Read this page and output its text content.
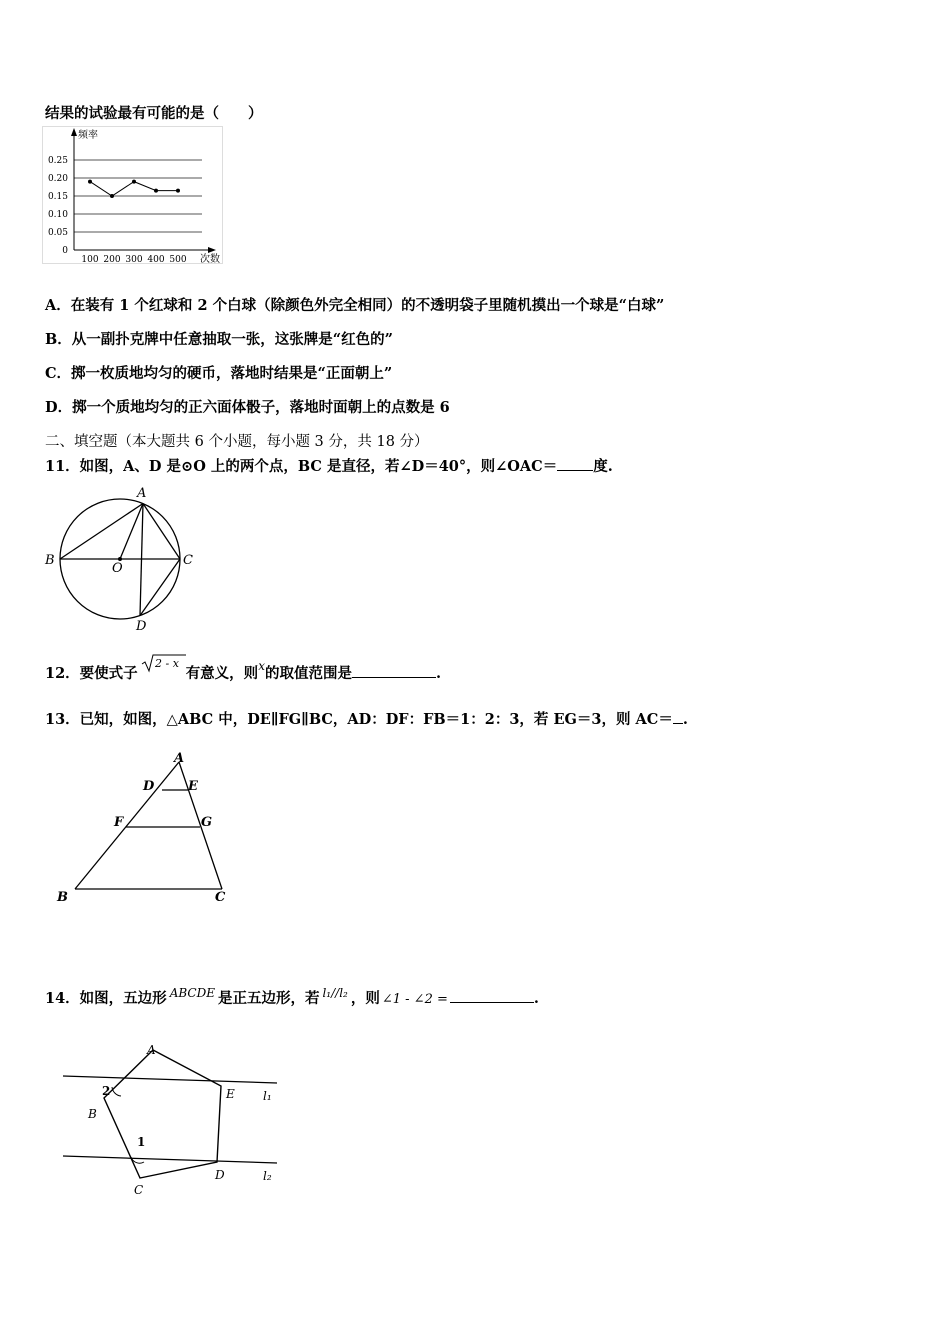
结果的试验最有可能的是（　　）
频率
次数
0.25
0.20
0.15
0.10
0.05
0
100 200 300 400 500
A．在装有 1 个红球和 2 个白球（除颜色外完全相同）的不透明袋子里随机摸出一个球是“白球”
B．从一副扑克牌中任意抽取一张，这张牌是“红色的”
C．掷一枚质地均匀的硬币，落地时结果是“正面朝上”
D．掷一个质地均匀的正六面体骰子，落地时面朝上的点数是 6
二、填空题（本大题共 6 个小题，每小题 3 分，共 18 分）
11．如图，A、D 是⊙O 上的两个点，BC 是直径，若∠D＝40°，则∠OAC＝ 度.
A
B	C
O
D
12．要使式子
2 - x
有意义，则$^x$的取值范围是	.
13．已知，如图，△ABC 中，DE∥FG∥BC，AD：DF：FB＝1：2：3，若 EG＝3，则 AC＝ .
A
D	E
F	G
B	C
14．如图，五边形 $^{ABCDE}$ 是正五边形，若 $^{l_1//l_2}$ ，则 ∠1 - ∠2 =	.
A
B
C
D
E
1
2	l₁
l₂
